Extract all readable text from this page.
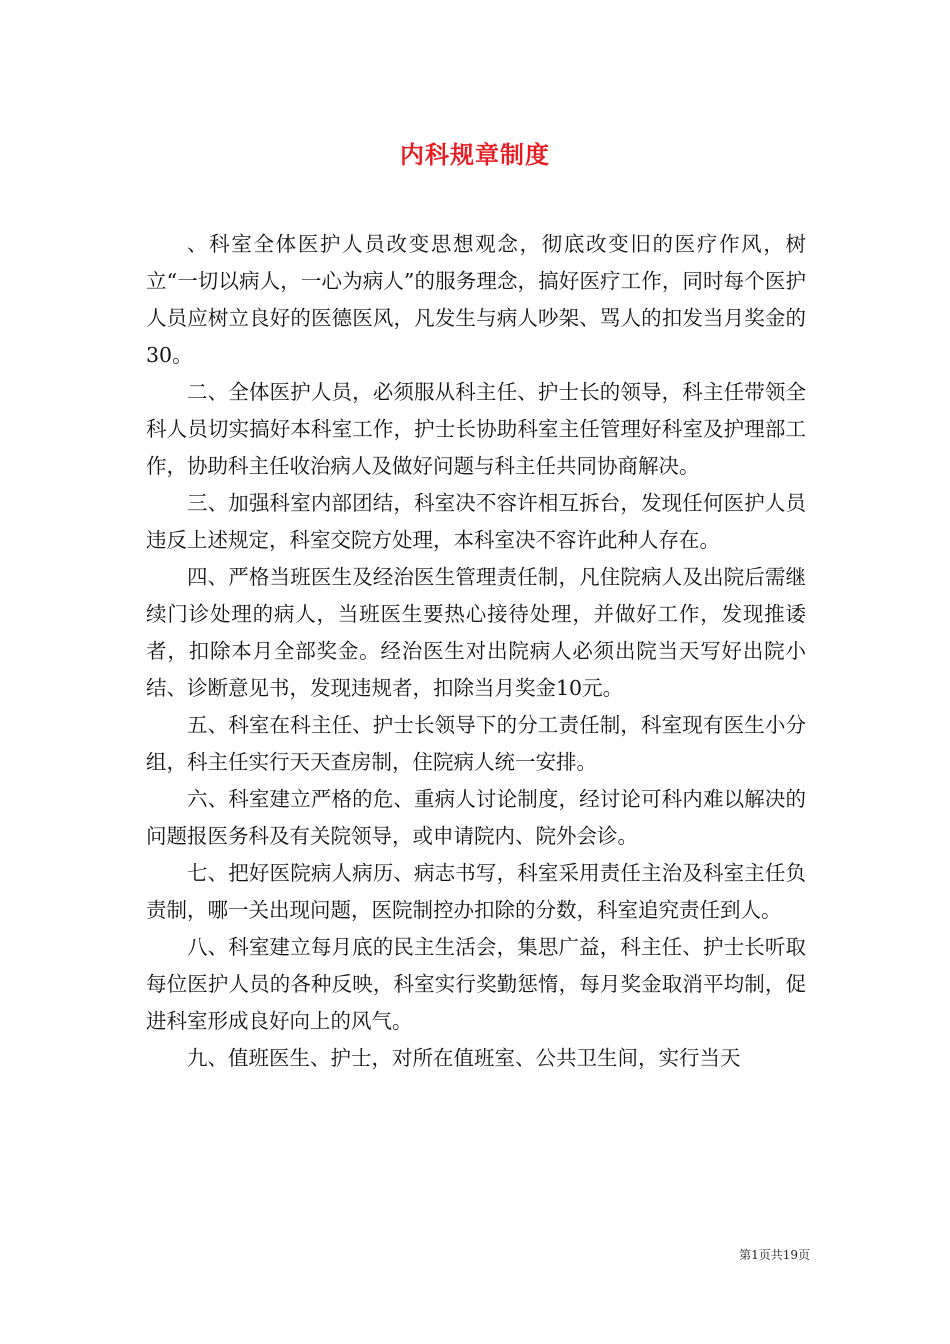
内科规章制度

、科室全体医护人员改变思想观念，彻底改变旧的医疗作风，树立“一切以病人，一心为病人”的服务理念，搞好医疗工作，同时每个医护人员应树立良好的医德医风，凡发生与病人吵架、骂人的扣发当月奖金的30。

二、全体医护人员，必须服从科主任、护士长的领导，科主任带领全科人员切实搞好本科室工作，护士长协助科室主任管理好科室及护理部工作，协助科主任收治病人及做好问题与科主任共同协商解决。

三、加强科室内部团结，科室决不容许相互拆台，发现任何医护人员违反上述规定，科室交院方处理，本科室决不容许此种人存在。

四、严格当班医生及经治医生管理责任制，凡住院病人及出院后需继续门诊处理的病人，当班医生要热心接待处理，并做好工作，发现推诿者，扣除本月全部奖金。经治医生对出院病人必须出院当天写好出院小结、诊断意见书，发现违规者，扣除当月奖金10元。

五、科室在科主任、护士长领导下的分工责任制，科室现有医生小分组，科主任实行天天查房制，住院病人统一安排。

六、科室建立严格的危、重病人讨论制度，经讨论可科内难以解决的问题报医务科及有关院领导，或申请院内、院外会诊。

七、把好医院病人病历、病志书写，科室采用责任主治及科室主任负责制，哪一关出现问题，医院制控办扣除的分数，科室追究责任到人。

八、科室建立每月底的民主生活会，集思广益，科主任、护士长听取每位医护人员的各种反映，科室实行奖勤惩惰，每月奖金取消平均制，促进科室形成良好向上的风气。

九、值班医生、护士，对所在值班室、公共卫生间，实行当天

第1页共19页
